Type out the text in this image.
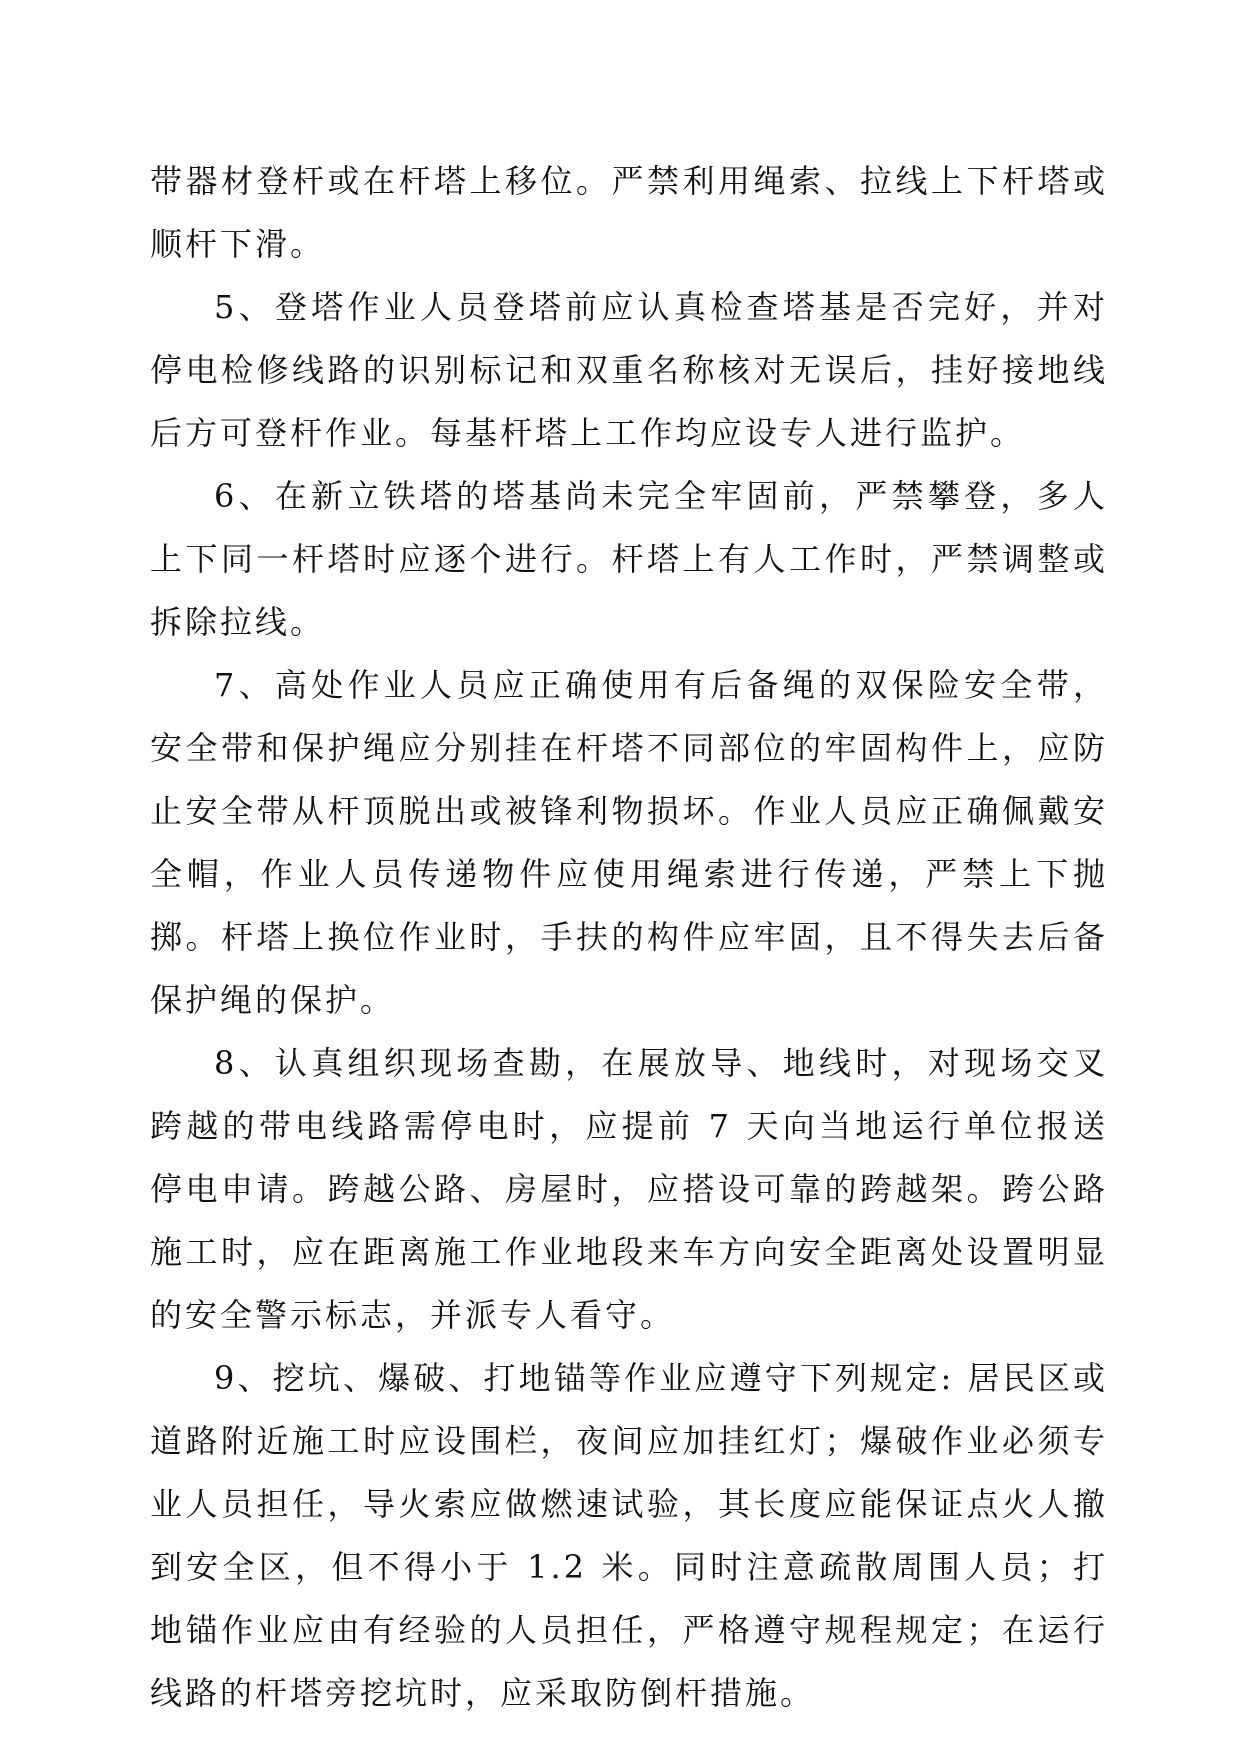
带器材登杆或在杆塔上移位。严禁利用绳索、拉线上下杆塔或顺杆下滑。

5、登塔作业人员登塔前应认真检查塔基是否完好，并对停电检修线路的识别标记和双重名称核对无误后，挂好接地线后方可登杆作业。每基杆塔上工作均应设专人进行监护。

6、在新立铁塔的塔基尚未完全牢固前，严禁攀登，多人上下同一杆塔时应逐个进行。杆塔上有人工作时，严禁调整或拆除拉线。

7、高处作业人员应正确使用有后备绳的双保险安全带，安全带和保护绳应分别挂在杆塔不同部位的牢固构件上，应防止安全带从杆顶脱出或被锋利物损坏。作业人员应正确佩戴安全帽，作业人员传递物件应使用绳索进行传递，严禁上下抛掷。杆塔上换位作业时，手扶的构件应牢固，且不得失去后备保护绳的保护。

8、认真组织现场查勘，在展放导、地线时，对现场交叉跨越的带电线路需停电时，应提前 7 天向当地运行单位报送停电申请。跨越公路、房屋时，应搭设可靠的跨越架。跨公路施工时，应在距离施工作业地段来车方向安全距离处设置明显的安全警示标志，并派专人看守。

9、挖坑、爆破、打地锚等作业应遵守下列规定: 居民区或道路附近施工时应设围栏，夜间应加挂红灯；爆破作业必须专业人员担任，导火索应做燃速试验，其长度应能保证点火人撤到安全区，但不得小于 1.2 米。同时注意疏散周围人员；打地锚作业应由有经验的人员担任，严格遵守规程规定；在运行线路的杆塔旁挖坑时，应采取防倒杆措施。
